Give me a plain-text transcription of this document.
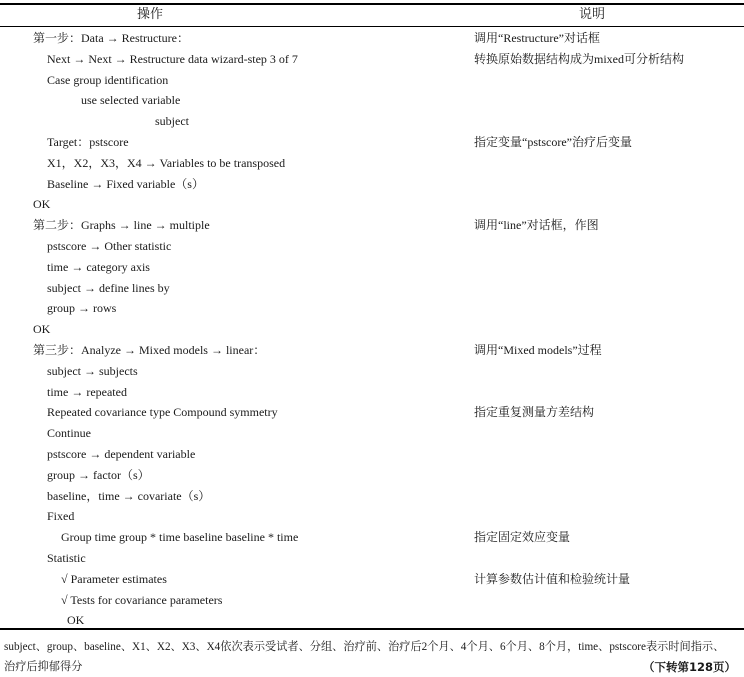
操作	说明
第一步：Data → Restructure：	调用“Restructure”对话框
Next → Next → Restructure data wizard-step 3 of 7	转换原始数据结构成为mixed可分析结构
Case group identification
use selected variable
subject
Target：pstscore	指定变量“pstscore”治疗后变量
X1，X2，X3，X4 → Variables to be transposed
Baseline → Fixed variable（s）
OK
第二步：Graphs → line → multiple	调用“line”对话框，作图
pstscore → Other statistic
time → category axis
subject → define lines by
group → rows
OK
第三步：Analyze → Mixed models → linear：	调用“Mixed models”过程
subject → subjects
time → repeated
Repeated covariance type Compound symmetry	指定重复测量方差结构
Continue
pstscore → dependent variable
group → factor（s）
baseline，time → covariate（s）
Fixed
Group time group * time baseline baseline * time	指定固定效应变量
Statistic
√ Parameter estimates	计算参数估计值和检验统计量
√ Tests for covariance parameters
OK
subject、group、baseline、X1、X2、X3、X4依次表示受试者、分组、治疗前、治疗后2个月、4个月、6个月、8个月，time、pstscore表示时间指示、
治疗后抑郁得分	（下转第128页）
